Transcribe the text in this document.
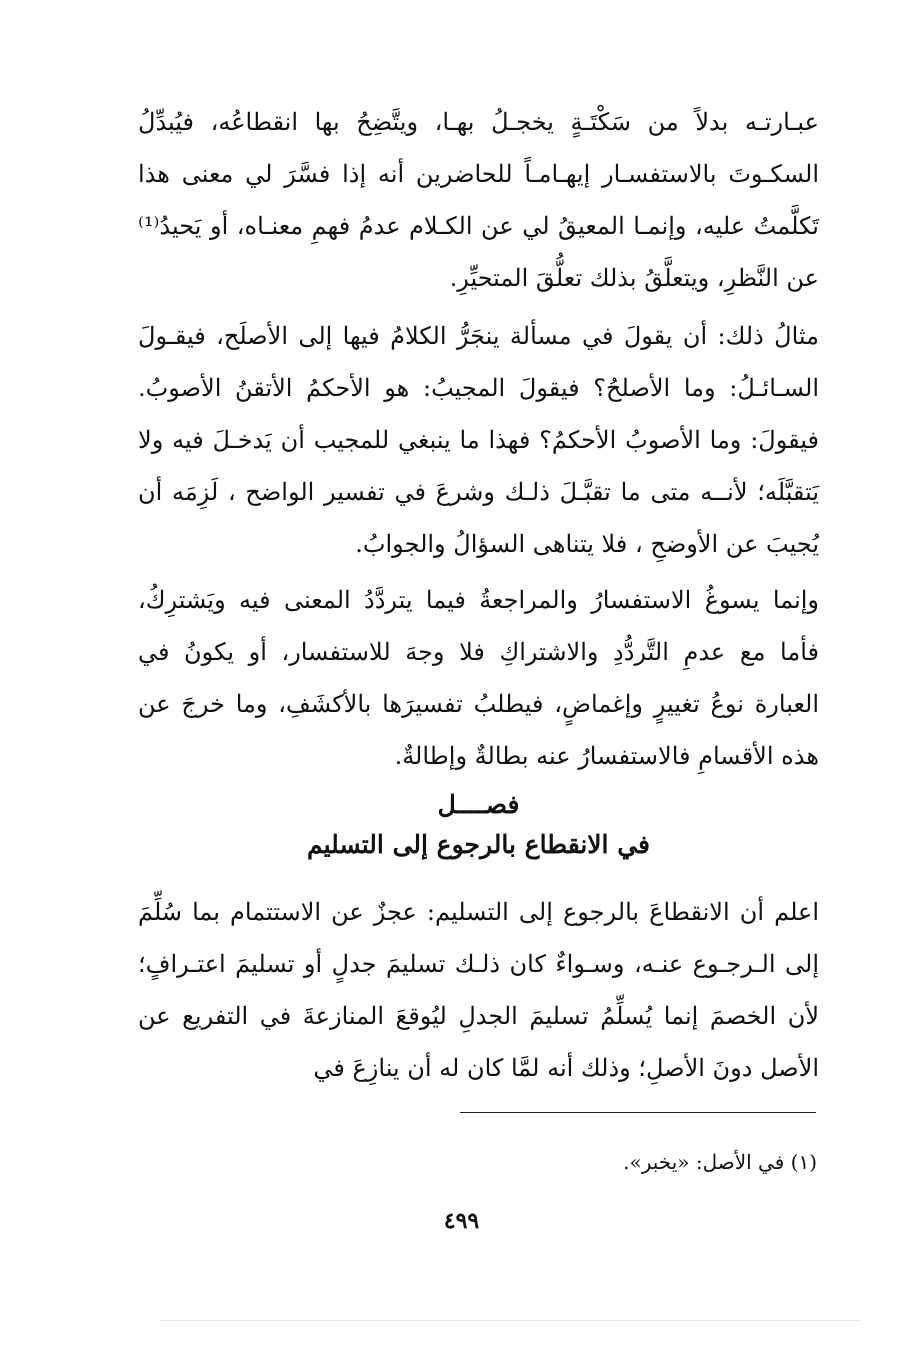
عبـارتـه بدلاً من سَكْتَـةٍ يخجـلُ بهـا، ويتَّضِحُ بها انقطاعُه، فيُبدِّلُ السكـوتَ بالاستفسـار إيهـامـاً للحاضرين أنه إذا فسَّرَ لي معنى هذا تَكلَّمتُ عليه، وإنمـا المعيقُ لي عن الكـلام عدمُ فهمِ معنـاه، أو يَحيدُ⁽¹⁾ عن النَّظرِ، ويتعلَّقُ بذلك تعلُّقَ المتحيِّرِ.

مثالُ ذلك: أن يقولَ في مسألة ينجَرُّ الكلامُ فيها إلى الأصلَح، فيقـولَ السـائـلُ: وما الأصلحُ؟ فيقولَ المجيبُ: هو الأحكمُ الأتقنُ الأصوبُ. فيقولَ: وما الأصوبُ الأحكمُ؟ فهذا ما ينبغي للمجيب أن يَدخـلَ فيه ولا يَتقبَّلَه؛ لأنــه متى ما تقبَّـلَ ذلـك وشرعَ في تفسير الواضح ، لَزِمَه أن يُجيبَ عن الأوضحِ ، فلا يتناهى السؤالُ والجوابُ.

وإنما يسوغُ الاستفسارُ والمراجعةُ فيما يتردَّدُ المعنى فيه ويَشترِكُ، فأما مع عدمِ التَّردُّدِ والاشتراكِ فلا وجهَ للاستفسار، أو يكونُ في العبارة نوعُ تغييرٍ وإغماضٍ، فيطلبُ تفسيرَها بالأكشَفِ، وما خرجَ عن هذه الأقسامِ فالاستفسارُ عنه بطالةٌ وإطالةٌ.

فصــــل
في الانقطاع بالرجوع إلى التسليم

اعلم أن الانقطاعَ بالرجوع إلى التسليم: عجزٌ عن الاستتمام بما سُلِّمَ إلى الـرجـوع عنـه، وسـواءٌ كان ذلـك تسليمَ جدلٍ أو تسليمَ اعتـرافٍ؛ لأن الخصمَ إنما يُسلِّمُ تسليمَ الجدلِ ليُوقعَ المنازعةَ في التفريع عن الأصل دونَ الأصلِ؛ وذلك أنه لمَّا كان له أن ينازِعَ في

(١) في الأصل: «يخبر».

٤٩٩
